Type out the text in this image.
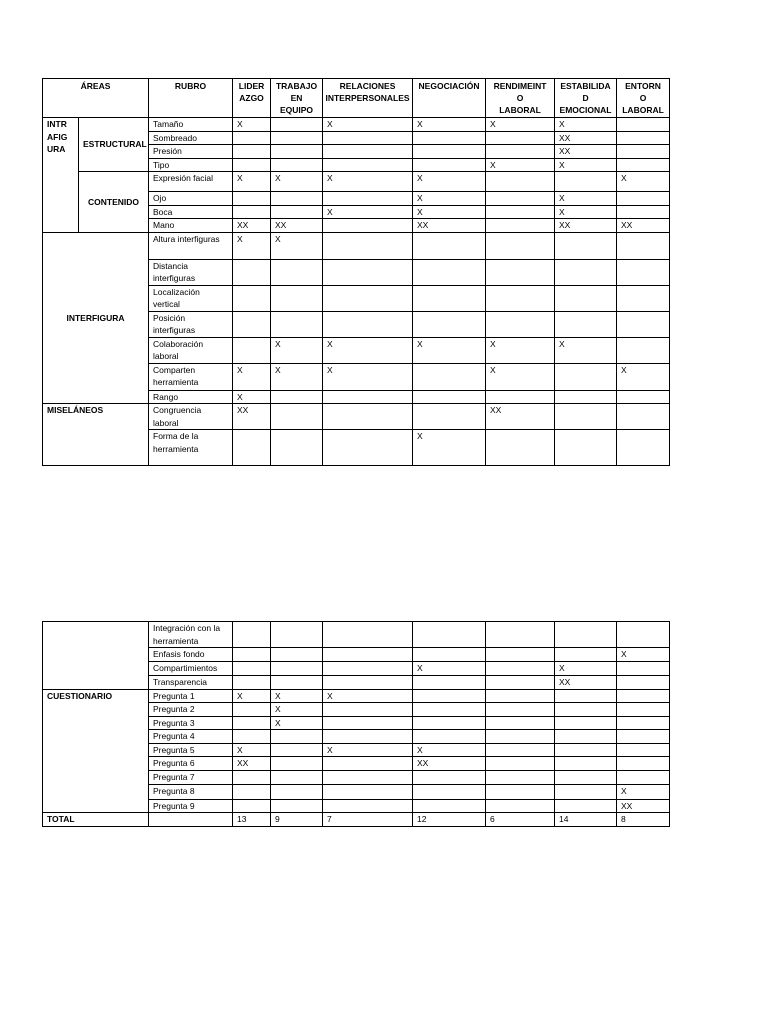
ÁREAS		RUBRO	LIDER
AZGO	TRABAJO
EN
EQUIPO	RELACIONES
INTERPERSONALES	NEGOCIACIÓN	RENDIMEINT
O
LABORAL	ESTABILIDA
D
EMOCIONAL	ENTORN
O
LABORAL
INTR
AFIG
URA	ESTRUCTURAL	Tamaño	X		X	X	X	X	
		Sombreado						XX	
		Presión						XX	
		Tipo					X	X	
	CONTENIDO	Expresión facial	X	X	X	X			X
		Ojo				X		X	
		Boca			X	X		X	
		Mano	XX	XX		XX		XX	XX
INTERFIGURA		Altura interfiguras	X	X					
		Distancia
interfiguras							
		Localización
vertical							
		Posición
interfiguras							
		Colaboración
laboral		X	X	X	X	X	
		Comparten
herramienta	X	X	X		X		X
		Rango	X						
MISELÁNEOS		Congruencia
laboral	XX				XX		
		Forma de la
herramienta				X			
	Integración con la
herramienta							
	Enfasis fondo							X
	Compartimientos				X		X	
	Transparencia						XX	
CUESTIONARIO	Pregunta 1	X	X	X				
	Pregunta 2		X					
	Pregunta 3		X					
	Pregunta 4							
	Pregunta 5	X		X	X			
	Pregunta 6	XX			XX			
	Pregunta 7							
	Pregunta 8							X
	Pregunta 9							XX
TOTAL		13	9	7	12	6	14	8
